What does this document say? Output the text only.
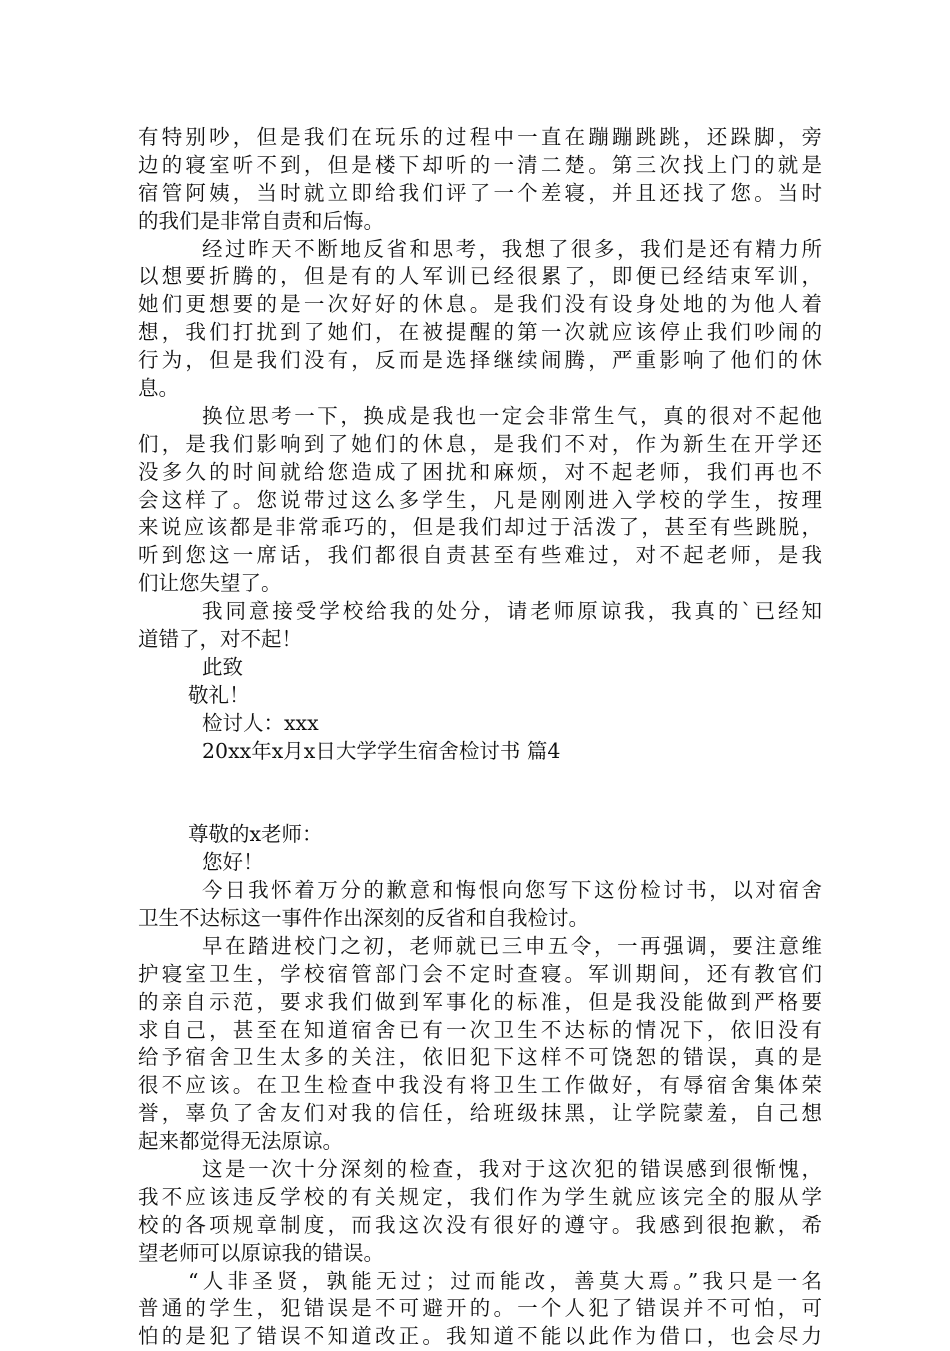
有特别吵，但是我们在玩乐的过程中一直在蹦蹦跳跳，还跺脚，旁
边的寝室听不到，但是楼下却听的一清二楚。第三次找上门的就是
宿管阿姨，当时就立即给我们评了一个差寝，并且还找了您。当时
的我们是非常自责和后悔。
经过昨天不断地反省和思考，我想了很多，我们是还有精力所
以想要折腾的，但是有的人军训已经很累了，即便已经结束军训，
她们更想要的是一次好好的休息。是我们没有设身处地的为他人着
想，我们打扰到了她们，在被提醒的第一次就应该停止我们吵闹的
行为，但是我们没有，反而是选择继续闹腾，严重影响了他们的休
息。
换位思考一下，换成是我也一定会非常生气，真的很对不起他
们，是我们影响到了她们的休息，是我们不对，作为新生在开学还
没多久的时间就给您造成了困扰和麻烦，对不起老师，我们再也不
会这样了。您说带过这么多学生，凡是刚刚进入学校的学生，按理
来说应该都是非常乖巧的，但是我们却过于活泼了，甚至有些跳脱，
听到您这一席话，我们都很自责甚至有些难过，对不起老师，是我
们让您失望了。
我同意接受学校给我的处分，请老师原谅我，我真的`已经知
道错了，对不起！
此致
敬礼！
检讨人：xxx
20xx年x月x日大学学生宿舍检讨书 篇4
尊敬的x老师：
您好！
今日我怀着万分的歉意和悔恨向您写下这份检讨书，以对宿舍
卫生不达标这一事件作出深刻的反省和自我检讨。
早在踏进校门之初，老师就已三申五令，一再强调，要注意维
护寝室卫生，学校宿管部门会不定时查寝。军训期间，还有教官们
的亲自示范，要求我们做到军事化的标准，但是我没能做到严格要
求自己，甚至在知道宿舍已有一次卫生不达标的情况下，依旧没有
给予宿舍卫生太多的关注，依旧犯下这样不可饶恕的错误，真的是
很不应该。在卫生检查中我没有将卫生工作做好，有辱宿舍集体荣
誉，辜负了舍友们对我的信任，给班级抹黑，让学院蒙羞，自己想
起来都觉得无法原谅。
这是一次十分深刻的检查，我对于这次犯的错误感到很惭愧，
我不应该违反学校的有关规定，我们作为学生就应该完全的服从学
校的各项规章制度，而我这次没有很好的遵守。我感到很抱歉，希
望老师可以原谅我的错误。
“人非圣贤，孰能无过；过而能改，善莫大焉。”我只是一名
普通的学生，犯错误是不可避开的。一个人犯了错误并不可怕，可
怕的是犯了错误不知道改正。我知道不能以此作为借口，也会尽力
